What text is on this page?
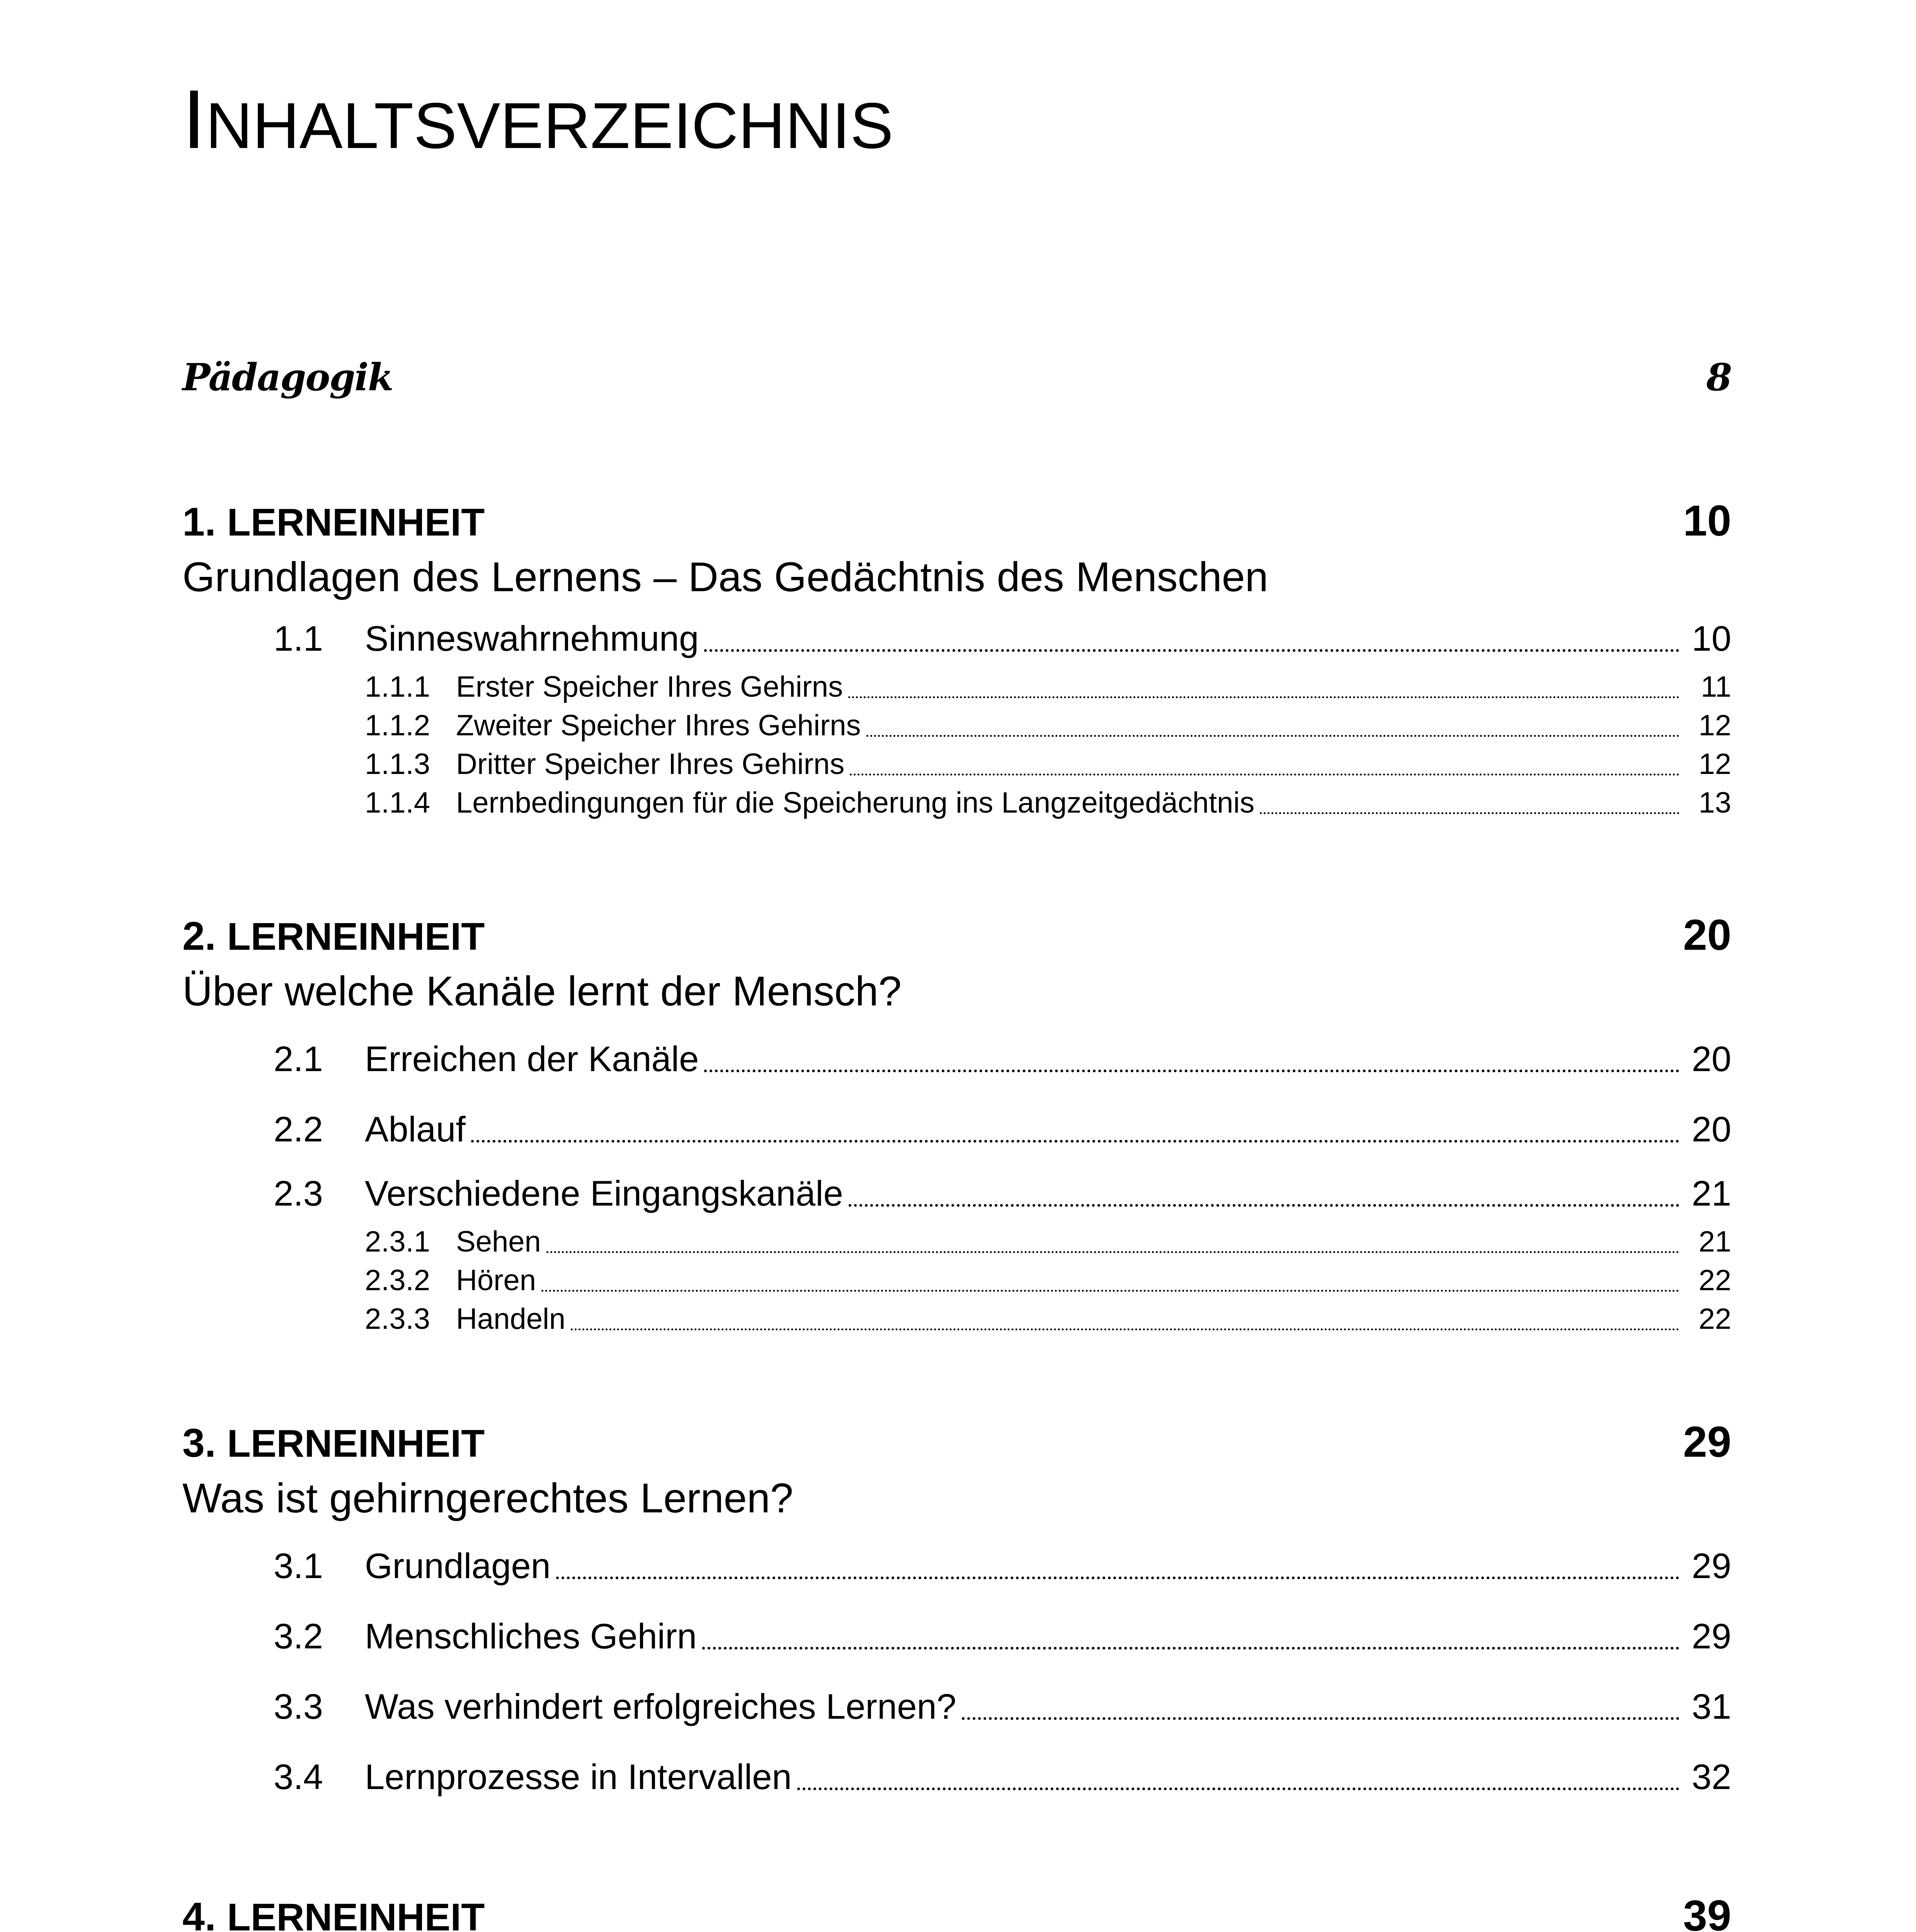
INHALTSVERZEICHNIS
Pädagogik	8
1. LERNEINHEIT	10
Grundlagen des Lernens – Das Gedächtnis des Menschen
1.1	Sinneswahrnehmung	10
1.1.1 Erster Speicher Ihres Gehirns	11
1.1.2 Zweiter Speicher Ihres Gehirns	12
1.1.3 Dritter Speicher Ihres Gehirns	12
1.1.4 Lernbedingungen für die Speicherung ins Langzeitgedächtnis	13
2. LERNEINHEIT	20
Über welche Kanäle lernt der Mensch?
2.1	Erreichen der Kanäle	20
2.2	Ablauf	20
2.3	Verschiedene Eingangskanäle	21
2.3.1 Sehen	21
2.3.2 Hören	22
2.3.3 Handeln	22
3. LERNEINHEIT	29
Was ist gehirngerechtes Lernen?
3.1	Grundlagen	29
3.2	Menschliches Gehirn	29
3.3	Was verhindert erfolgreiches Lernen?	31
3.4	Lernprozesse in Intervallen	32
4. LERNEINHEIT	39
